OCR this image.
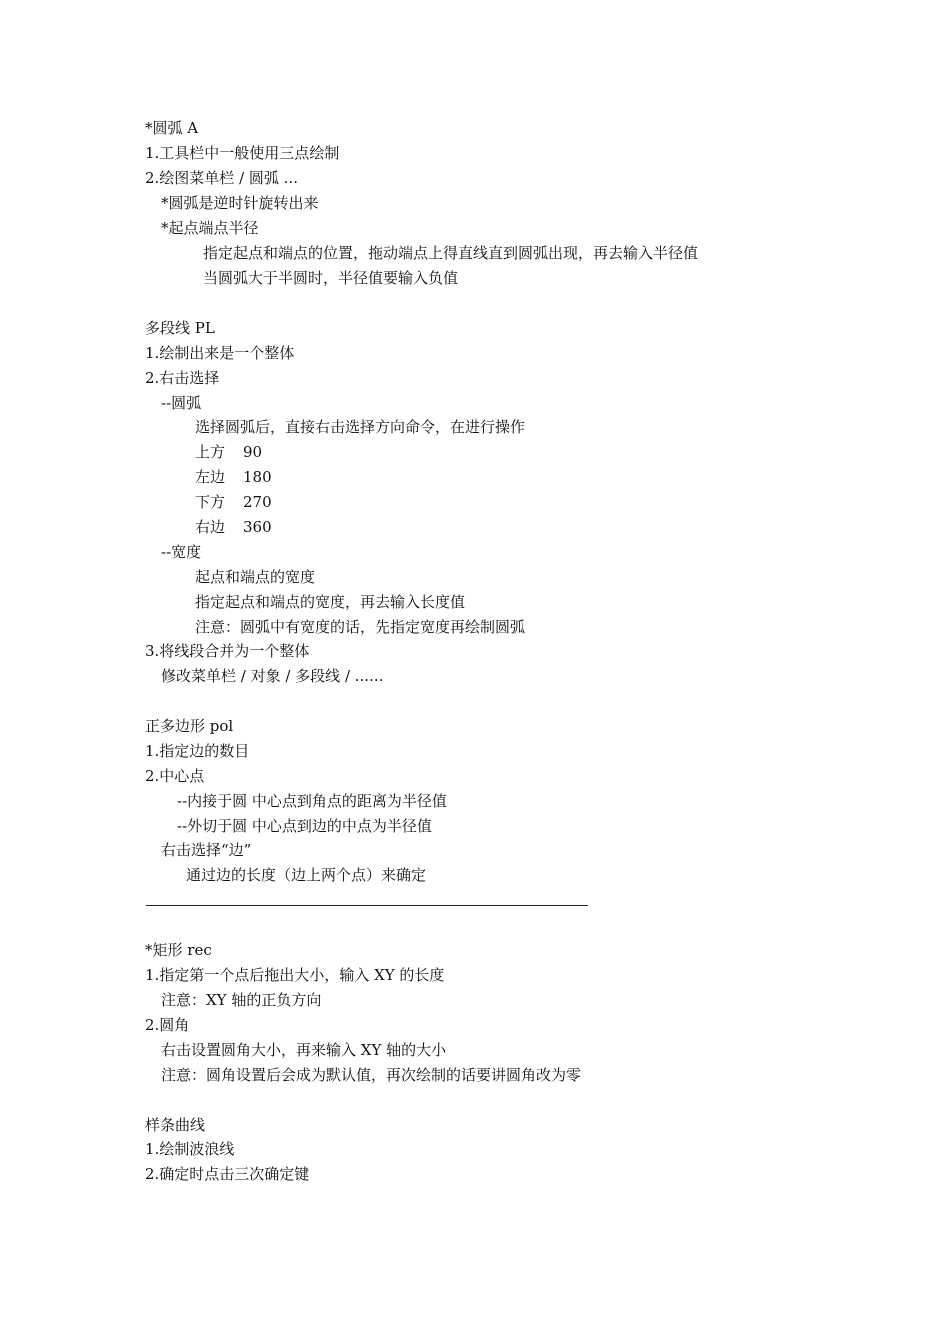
*圆弧 A
1.工具栏中一般使用三点绘制
2.绘图菜单栏 / 圆弧 ...
*圆弧是逆时针旋转出来
*起点端点半径
指定起点和端点的位置，拖动端点上得直线直到圆弧出现，再去输入半径值
当圆弧大于半圆时，半径值要输入负值
多段线 PL
1.绘制出来是一个整体
2.右击选择
--圆弧
选择圆弧后，直接右击选择方向命令，在进行操作
上方 90
左边 180
下方 270
右边 360
--宽度
起点和端点的宽度
指定起点和端点的宽度，再去输入长度值
注意：圆弧中有宽度的话，先指定宽度再绘制圆弧
3.将线段合并为一个整体
修改菜单栏 / 对象 / 多段线 / ......
正多边形 pol
1.指定边的数目
2.中心点
--内接于圆 中心点到角点的距离为半径值
--外切于圆 中心点到边的中点为半径值
右击选择“边”
通过边的长度（边上两个点）来确定
*矩形 rec
1.指定第一个点后拖出大小，输入 XY 的长度
注意：XY 轴的正负方向
2.圆角
右击设置圆角大小，再来输入 XY 轴的大小
注意：圆角设置后会成为默认值，再次绘制的话要讲圆角改为零
样条曲线
1.绘制波浪线
2.确定时点击三次确定键
